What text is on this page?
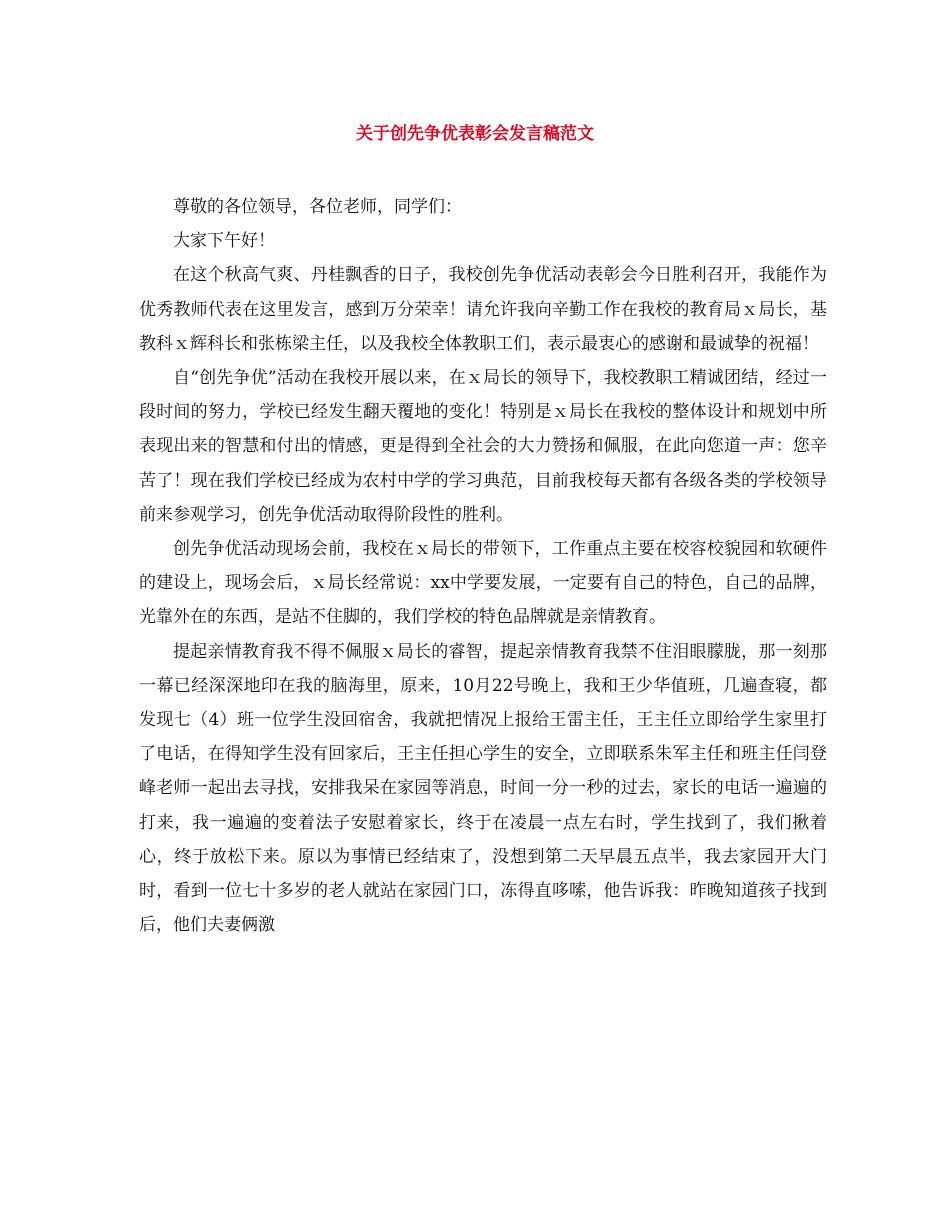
关于创先争优表彰会发言稿范文

尊敬的各位领导，各位老师，同学们：

大家下午好！

在这个秋高气爽、丹桂飘香的日子，我校创先争优活动表彰会今日胜利召开，我能作为优秀教师代表在这里发言，感到万分荣幸！请允许我向辛勤工作在我校的教育局ｘ局长，基教科ｘ辉科长和张栋梁主任，以及我校全体教职工们，表示最衷心的感谢和最诚挚的祝福！

自“创先争优”活动在我校开展以来，在ｘ局长的领导下，我校教职工精诚团结，经过一段时间的努力，学校已经发生翻天覆地的变化！特别是ｘ局长在我校的整体设计和规划中所表现出来的智慧和付出的情感，更是得到全社会的大力赞扬和佩服，在此向您道一声：您辛苦了！现在我们学校已经成为农村中学的学习典范，目前我校每天都有各级各类的学校领导前来参观学习，创先争优活动取得阶段性的胜利。

创先争优活动现场会前，我校在ｘ局长的带领下，工作重点主要在校容校貌园和软硬件的建设上，现场会后，ｘ局长经常说：xx中学要发展，一定要有自己的特色，自己的品牌，光靠外在的东西，是站不住脚的，我们学校的特色品牌就是亲情教育。

提起亲情教育我不得不佩服ｘ局长的睿智，提起亲情教育我禁不住泪眼朦胧，那一刻那一幕已经深深地印在我的脑海里，原来，10月22号晚上，我和王少华值班，几遍查寝，都发现七（4）班一位学生没回宿舍，我就把情况上报给王雷主任，王主任立即给学生家里打了电话，在得知学生没有回家后，王主任担心学生的安全，立即联系朱军主任和班主任闫登峰老师一起出去寻找，安排我呆在家园等消息，时间一分一秒的过去，家长的电话一遍遍的打来，我一遍遍的变着法子安慰着家长，终于在凌晨一点左右时，学生找到了，我们揪着心，终于放松下来。原以为事情已经结束了，没想到第二天早晨五点半，我去家园开大门时，看到一位七十多岁的老人就站在家园门口，冻得直哆嗦，他告诉我：昨晚知道孩子找到后，他们夫妻俩激
